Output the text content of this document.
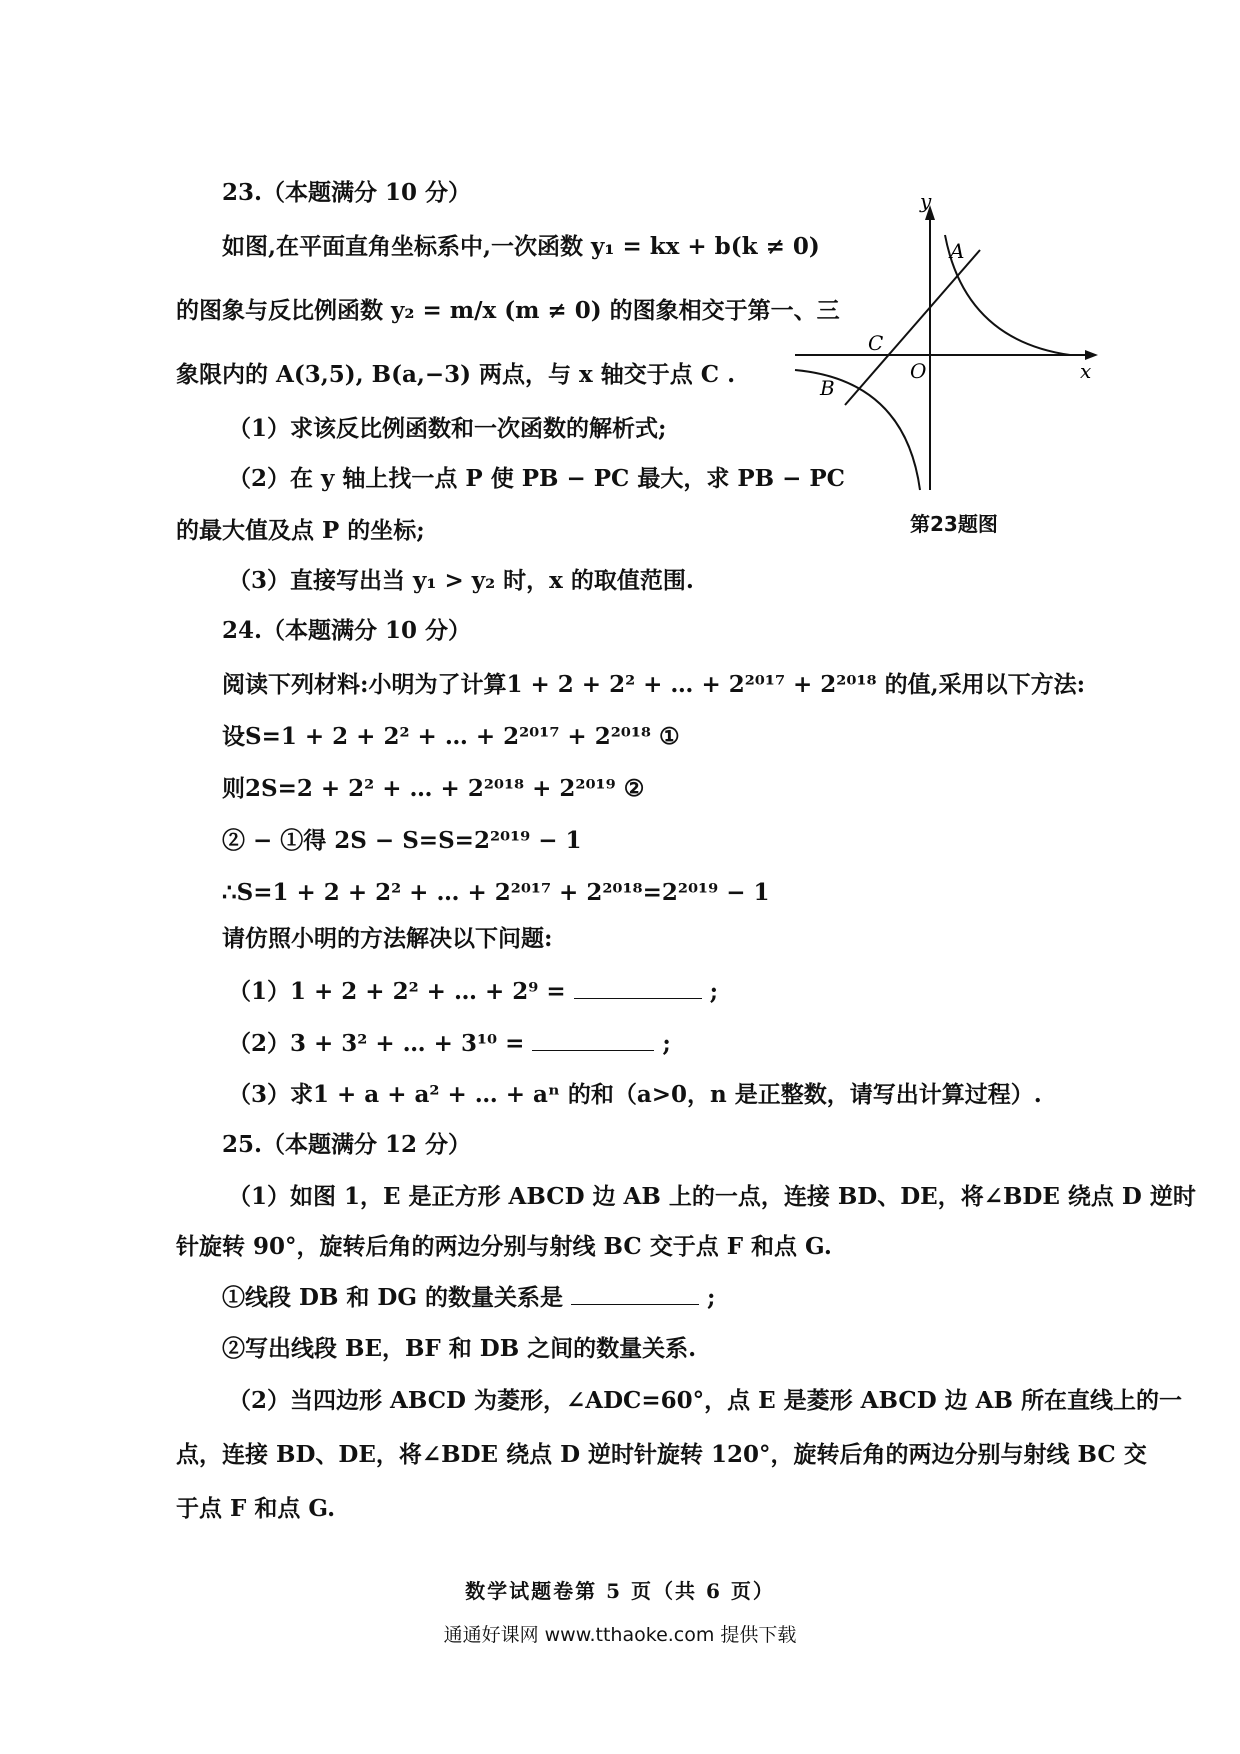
23.（本题满分 10 分）
如图,在平面直角坐标系中,一次函数 y₁ = kx + b(k ≠ 0)
的图象与反比例函数 y₂ = m/x (m ≠ 0) 的图象相交于第一、三
象限内的 A(3,5), B(a,−3) 两点，与 x 轴交于点 C .
（1）求该反比例函数和一次函数的解析式;
（2）在 y 轴上找一点 P 使 PB − PC 最大，求 PB − PC
的最大值及点 P 的坐标;
（3）直接写出当 y₁ > y₂ 时，x 的取值范围.
y
x
O
A
C
B
第23题图
24.（本题满分 10 分）
阅读下列材料:小明为了计算1 + 2 + 2² + … + 2²⁰¹⁷ + 2²⁰¹⁸ 的值,采用以下方法:
设S=1 + 2 + 2² + … + 2²⁰¹⁷ + 2²⁰¹⁸ ①
则2S=2 + 2² + … + 2²⁰¹⁸ + 2²⁰¹⁹ ②
② − ①得 2S − S=S=2²⁰¹⁹ − 1
∴S=1 + 2 + 2² + … + 2²⁰¹⁷ + 2²⁰¹⁸=2²⁰¹⁹ − 1
请仿照小明的方法解决以下问题:
（1）1 + 2 + 2² + … + 2⁹ =	;
（2）3 + 3² + … + 3¹⁰ =	;
（3）求1 + a + a² + … + aⁿ 的和（a>0，n 是正整数，请写出计算过程）.
25.（本题满分 12 分）
（1）如图 1，E 是正方形 ABCD 边 AB 上的一点，连接 BD、DE，将∠BDE 绕点 D 逆时
针旋转 90°，旋转后角的两边分别与射线 BC 交于点 F 和点 G.
①线段 DB 和 DG 的数量关系是	;
②写出线段 BE，BF 和 DB 之间的数量关系.
（2）当四边形 ABCD 为菱形，∠ADC=60°，点 E 是菱形 ABCD 边 AB 所在直线上的一
点，连接 BD、DE，将∠BDE 绕点 D 逆时针旋转 120°，旋转后角的两边分别与射线 BC 交
于点 F 和点 G.
数学试题卷第 5 页（共 6 页）
通通好课网 www.tthaoke.com 提供下载
